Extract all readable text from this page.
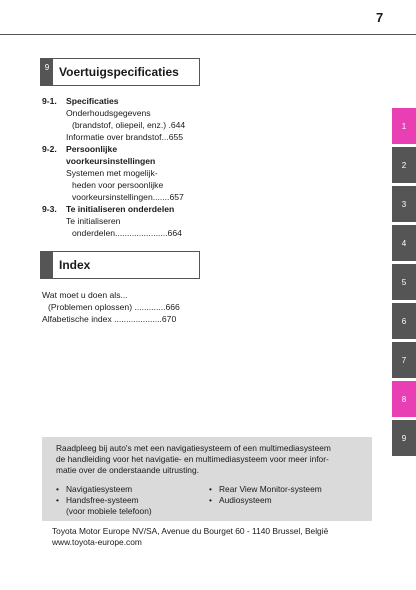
7
9 Voertuigspecificaties
9-1.	Specificaties
Onderhoudsgegevens
(brandstof, oliepeil, enz.) .644
Informatie over brandstof...655
9-2.	Persoonlijke
voorkeursinstellingen
Systemen met mogelijk-
heden voor persoonlijke
voorkeursinstellingen.......657
9-3.	Te initialiseren onderdelen
Te initialiseren
onderdelen......................664
Index
Wat moet u doen als...
(Problemen oplossen) .............666
Alfabetische index ....................670
1
2
3
4
5
6
7
8
9

Raadpleeg bij auto's met een navigatiesysteem of een multimediasysteem
de handleiding voor het navigatie- en multimediasysteem voor meer infor-
matie over de onderstaande uitrusting.

• Navigatiesysteem
• Handsfree-systeem
(voor mobiele telefoon)
• Rear View Monitor-systeem
• Audiosysteem
Toyota Motor Europe NV/SA, Avenue du Bourget 60 - 1140 Brussel, België
www.toyota-europe.com
